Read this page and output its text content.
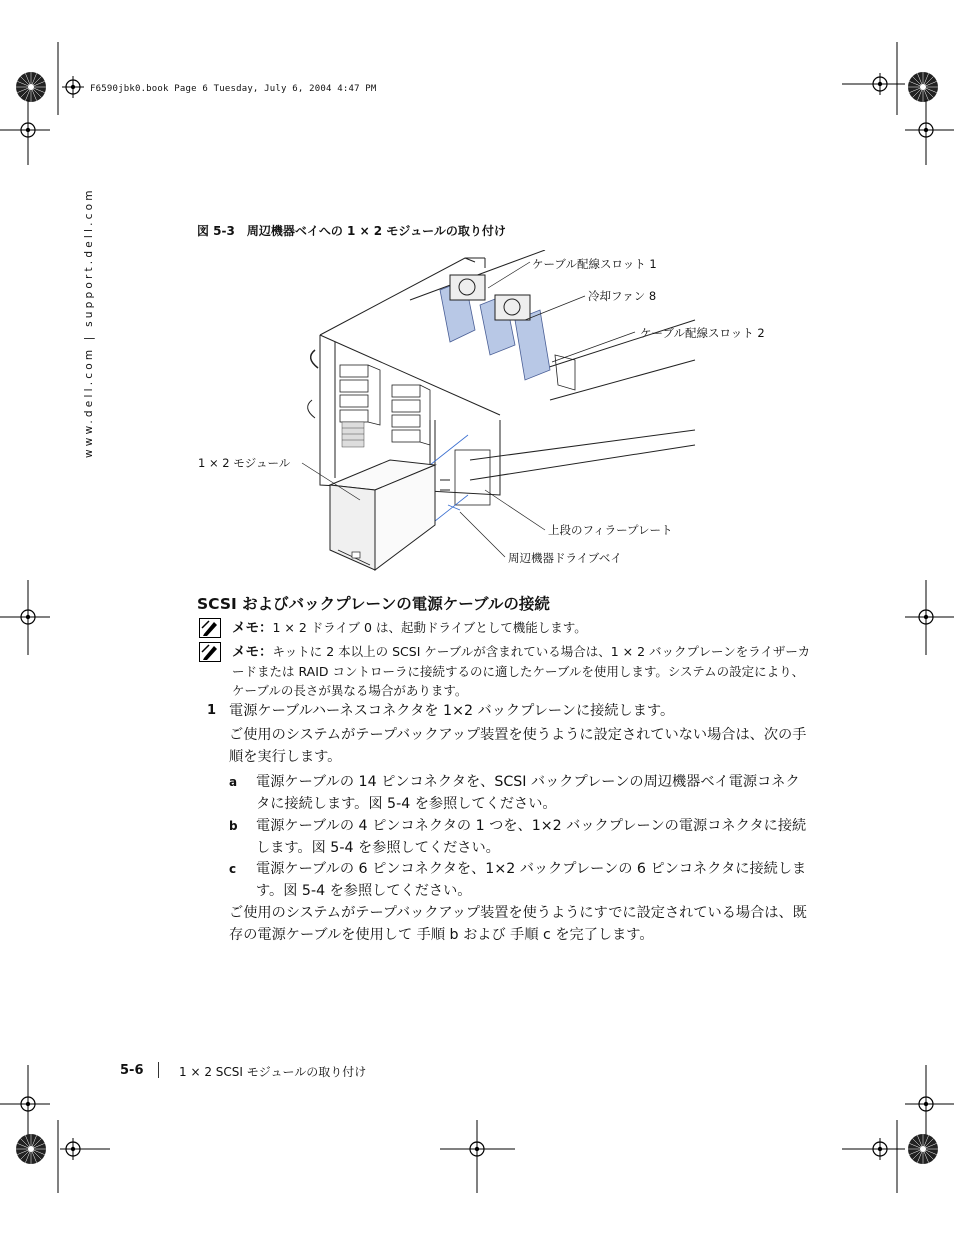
F6590jbk0.book Page 6 Tuesday, July 6, 2004 4:47 PM
www.dell.com | support.dell.com	図 5-3　周辺機器ベイへの 1 × 2 モジュールの取り付け
ケーブル配線スロット 1
冷却ファン 8
ケーブル配線スロット 2
1 × 2 モジュール
上段のフィラープレート
周辺機器ドライブベイ
SCSI およびバックプレーンの電源ケーブルの接続
メモ：1 × 2 ドライブ 0 は、起動ドライブとして機能します。
メモ：キットに 2 本以上の SCSI ケーブルが含まれている場合は、1 × 2 バックプレーンをライザーカードまたは RAID コントローラに接続するのに適したケーブルを使用します。システムの設定により、ケーブルの長さが異なる場合があります。
1 電源ケーブルハーネスコネクタを 1×2 バックプレーンに接続します。
ご使用のシステムがテープバックアップ装置を使うように設定されていない場合は、次の手順を実行します。
a 電源ケーブルの 14 ピンコネクタを、SCSI バックプレーンの周辺機器ベイ電源コネクタに接続します。図 5-4 を参照してください。
b 電源ケーブルの 4 ピンコネクタの 1 つを、1×2 バックプレーンの電源コネクタに接続します。図 5-4 を参照してください。
c 電源ケーブルの 6 ピンコネクタを、1×2 バックプレーンの 6 ピンコネクタに接続します。図 5-4 を参照してください。
ご使用のシステムがテープバックアップ装置を使うようにすでに設定されている場合は、既存の電源ケーブルを使用して 手順 b および 手順 c を完了します。
5-6	1 × 2 SCSI モジュールの取り付け
